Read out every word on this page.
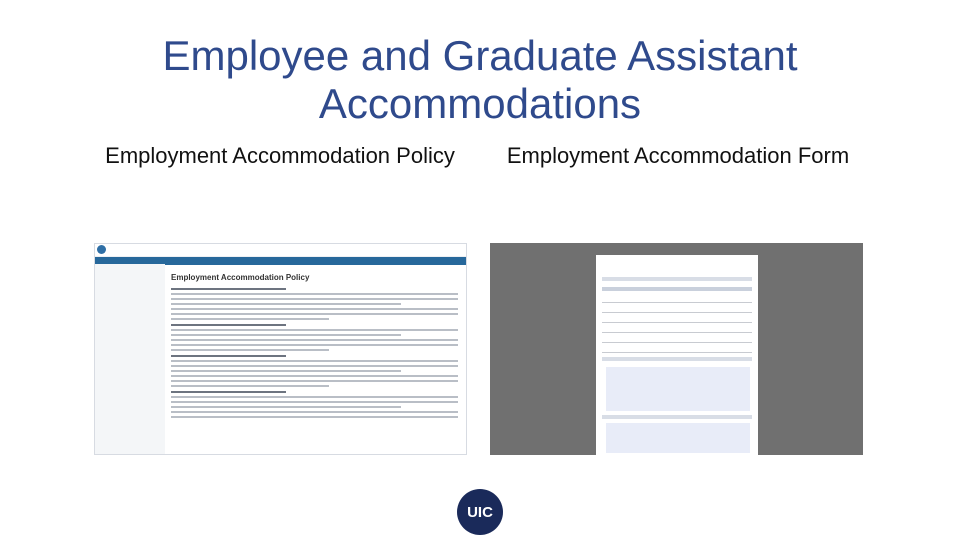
Employee and Graduate Assistant Accommodations
Employment Accommodation Policy	Employment Accommodation Form
Employment Accommodation Policy
UIC
